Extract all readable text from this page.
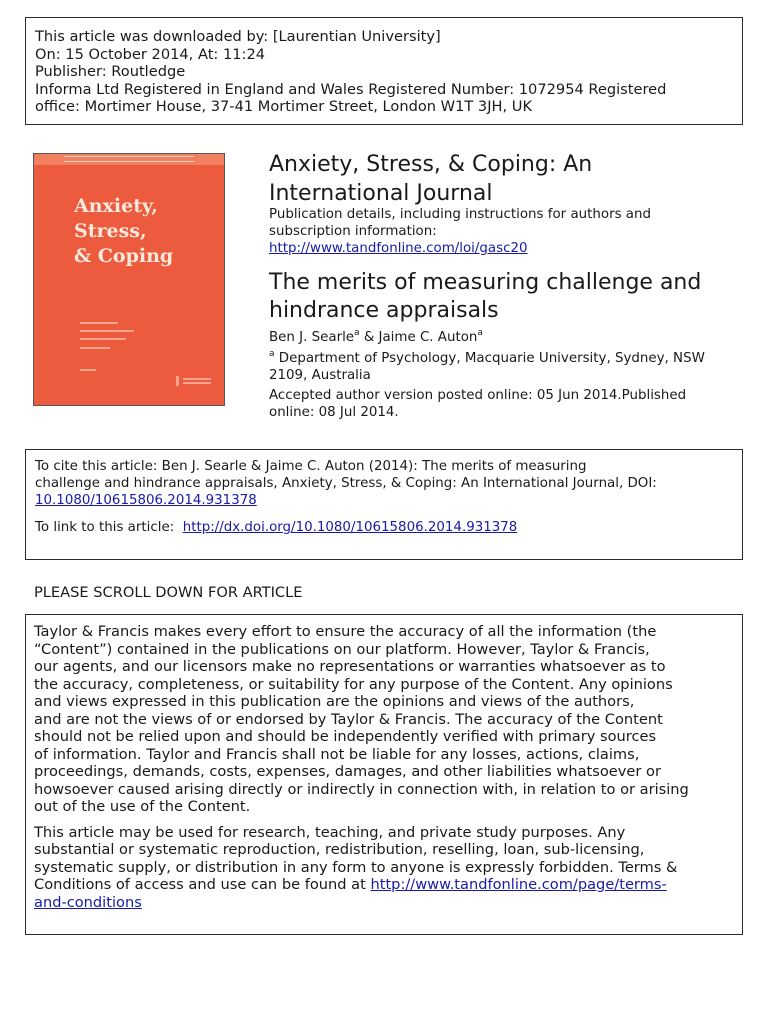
This article was downloaded by: [Laurentian University]
On: 15 October 2014, At: 11:24
Publisher: Routledge
Informa Ltd Registered in England and Wales Registered Number: 1072954 Registered
office: Mortimer House, 37-41 Mortimer Street, London W1T 3JH, UK
Anxiety,
Stress,
& Coping
Anxiety, Stress, & Coping: An
International Journal
Publication details, including instructions for authors and
subscription information:
http://www.tandfonline.com/loi/gasc20
The merits of measuring challenge and
hindrance appraisals
Ben J. Searle$^a$ & Jaime C. Auton$^a$
$^a$ Department of Psychology, Macquarie University, Sydney, NSW
2109, Australia
Accepted author version posted online: 05 Jun 2014.Published
online: 08 Jul 2014.
To cite this article: Ben J. Searle & Jaime C. Auton (2014): The merits of measuring
challenge and hindrance appraisals, Anxiety, Stress, & Coping: An International Journal, DOI:
10.1080/10615806.2014.931378
To link to this article: http://dx.doi.org/10.1080/10615806.2014.931378
PLEASE SCROLL DOWN FOR ARTICLE
Taylor & Francis makes every effort to ensure the accuracy of all the information (the
“Content”) contained in the publications on our platform. However, Taylor & Francis,
our agents, and our licensors make no representations or warranties whatsoever as to
the accuracy, completeness, or suitability for any purpose of the Content. Any opinions
and views expressed in this publication are the opinions and views of the authors,
and are not the views of or endorsed by Taylor & Francis. The accuracy of the Content
should not be relied upon and should be independently verified with primary sources
of information. Taylor and Francis shall not be liable for any losses, actions, claims,
proceedings, demands, costs, expenses, damages, and other liabilities whatsoever or
howsoever caused arising directly or indirectly in connection with, in relation to or arising
out of the use of the Content.
This article may be used for research, teaching, and private study purposes. Any
substantial or systematic reproduction, redistribution, reselling, loan, sub-licensing,
systematic supply, or distribution in any form to anyone is expressly forbidden. Terms &
Conditions of access and use can be found at http://www.tandfonline.com/page/terms-
and-conditions
